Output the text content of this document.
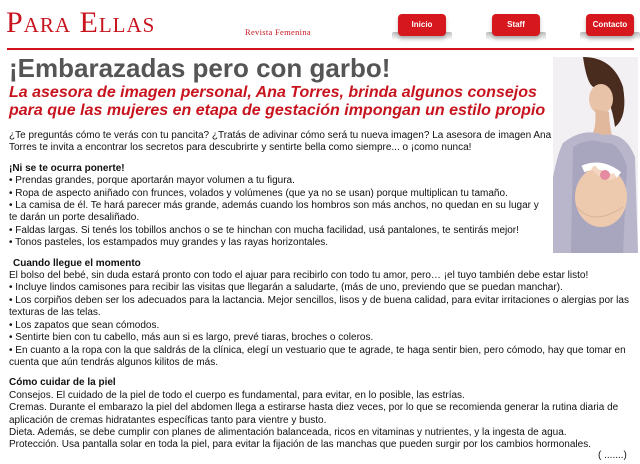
Para Ellas	Revista Femenina
Inicio	Staff	Contacto
¡Embarazadas pero con garbo!
La asesora de imagen personal, Ana Torres, brinda algunos consejos para que las mujeres en etapa de gestación impongan un estilo propio

¿Te preguntás cómo te verás con tu pancita? ¿Tratás de adivinar cómo será tu nueva imagen? La asesora de imagen Ana Torres te invita a encontrar los secretos para descubrirte y sentirte bella como siempre... o ¡como nunca!

¡Ni se te ocurra ponerte!

• Prendas grandes, porque aportarán mayor volumen a tu figura.

• Ropa de aspecto aniñado con frunces, volados y volúmenes (que ya no se usan) porque multiplican tu tamaño.

• La camisa de él. Te hará parecer más grande, además cuando los hombros son más anchos, no quedan en su lugar y te darán un porte desaliñado.

• Faldas largas. Si tenés los tobillos anchos o se te hinchan con mucha facilidad, usá pantalones, te sentirás mejor!

• Tonos pasteles, los estampados muy grandes y las rayas horizontales.

Cuando llegue el momento

El bolso del bebé, sin duda estará pronto con todo el ajuar para recibirlo con todo tu amor, pero… ¡el tuyo también debe estar listo!

• Incluye lindos camisones para recibir las visitas que llegarán a saludarte, (más de uno, previendo que se puedan manchar).

• Los corpiños deben ser los adecuados para la lactancia. Mejor sencillos, lisos y de buena calidad, para evitar irritaciones o alergias por las texturas de las telas.

• Los zapatos que sean cómodos.

• Sentirte bien con tu cabello, más aun si es largo, prevé tiaras, broches o coleros.

• En cuanto a la ropa con la que saldrás de la clínica, elegí un vestuario que te agrade, te haga sentir bien, pero cómodo, hay que tomar en cuenta que aún tendrás algunos kilitos de más.

Cómo cuidar de la piel

Consejos. El cuidado de la piel de todo el cuerpo es fundamental, para evitar, en lo posible, las estrías.

Cremas. Durante el embarazo la piel del abdomen llega a estirarse hasta diez veces, por lo que se recomienda generar la rutina diaria de aplicación de cremas hidratantes específicas tanto para vientre y busto.

Dieta. Además, se debe cumplir con planes de alimentación balanceada, ricos en vitaminas y nutrientes, y la ingesta de agua.

Protección. Usa pantalla solar en toda la piel, para evitar la fijación de las manchas que pueden surgir por los cambios hormonales.

( .......)
